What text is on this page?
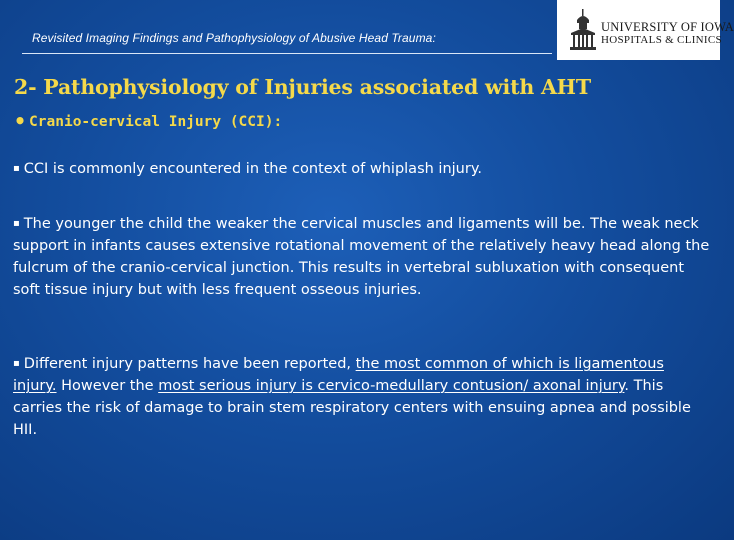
Revisited Imaging Findings and Pathophysiology of Abusive Head Trauma:
UNIVERSITY OF IOWA
HOSPITALS & CLINICS
2- Pathophysiology of Injuries associated with AHT
• Cranio-cervical Injury (CCI):
▪ CCI is commonly encountered in the context of whiplash injury.
▪ The younger the child the weaker the cervical muscles and ligaments will be. The weak neck support in infants causes extensive rotational movement of the relatively heavy head along the fulcrum of the cranio-cervical junction. This results in vertebral subluxation with consequent soft tissue injury but with less frequent osseous injuries.
▪ Different injury patterns have been reported, the most common of which is ligamentous injury. However the most serious injury is cervico-medullary contusion/ axonal injury. This carries the risk of damage to brain stem respiratory centers with ensuing apnea and possible HII.
